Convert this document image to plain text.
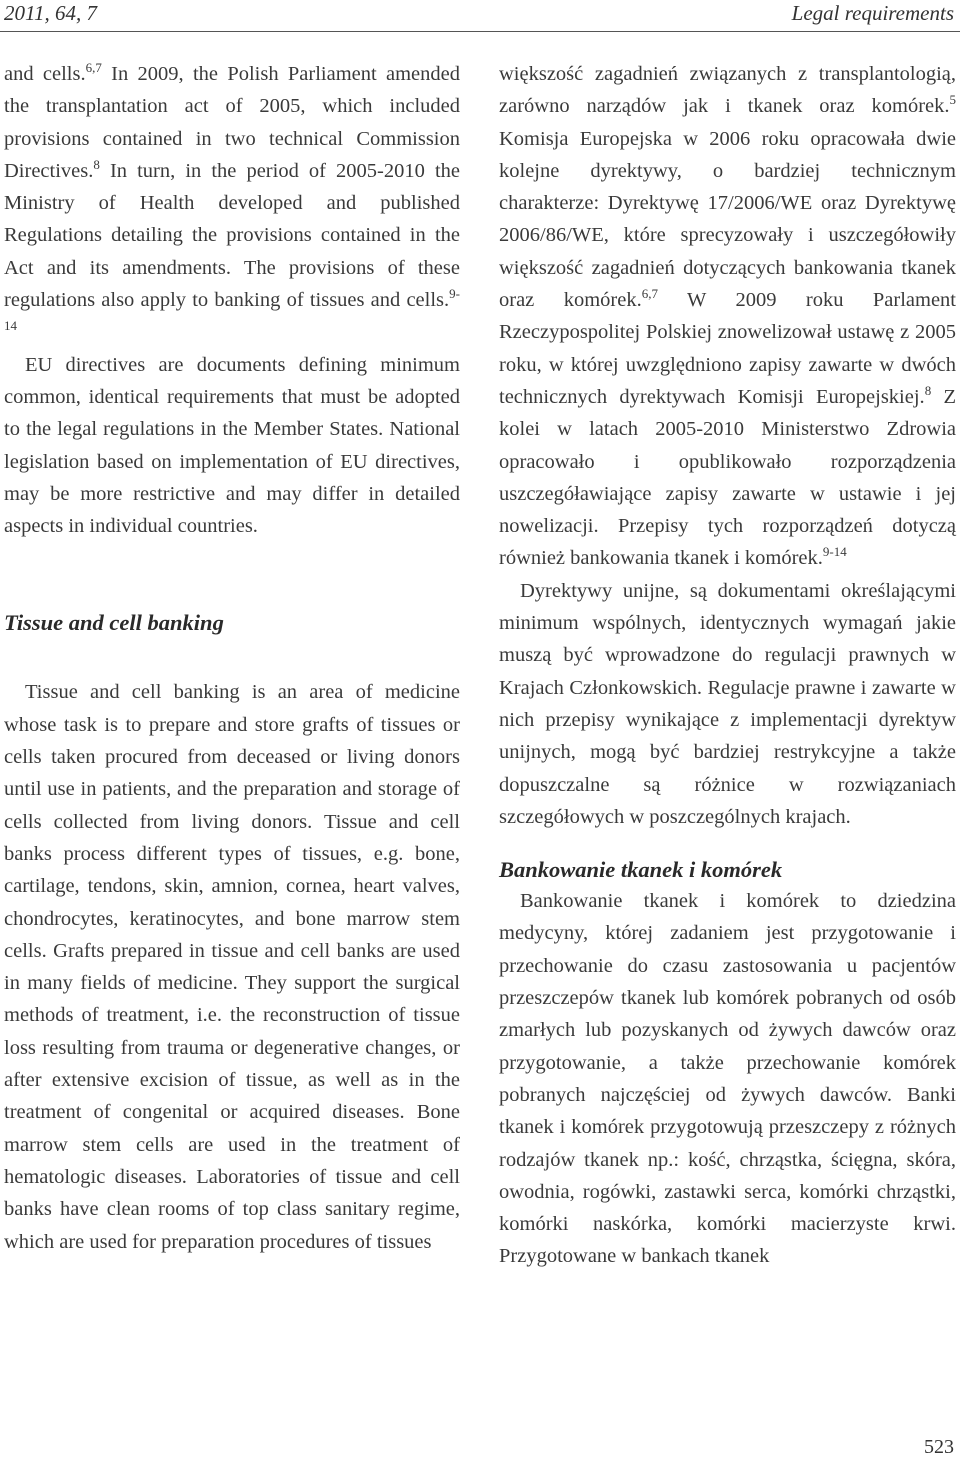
2011, 64, 7	Legal requirements

and cells.$^{6,7}$ In 2009, the Polish Parliament amended the transplantation act of 2005, which included provisions contained in two technical Commission Directives.$^8$ In turn, in the period of 2005-2010 the Ministry of Health developed and published Regulations detailing the provisions contained in the Act and its amendments. The provisions of these regulations also apply to banking of tissues and cells.$^{9-14}$

EU directives are documents defining minimum common, identical requirements that must be adopted to the legal regulations in the Member States. National legislation based on implementation of EU directives, may be more restrictive and may differ in detailed aspects in individual countries.

Tissue and cell banking

Tissue and cell banking is an area of medicine whose task is to prepare and store grafts of tissues or cells taken procured from deceased or living donors until use in patients, and the preparation and storage of cells collected from living donors. Tissue and cell banks process different types of tissues, e.g. bone, cartilage, tendons, skin, amnion, cornea, heart valves, chondrocytes, keratinocytes, and bone marrow stem cells. Grafts prepared in tissue and cell banks are used in many fields of medicine. They support the surgical methods of treatment, i.e. the reconstruction of tissue loss resulting from trauma or degenerative changes, or after extensive excision of tissue, as well as in the treatment of congenital or acquired diseases. Bone marrow stem cells are used in the treatment of hematologic diseases. Laboratories of tissue and cell banks have clean rooms of top class sanitary regime, which are used for preparation procedures of tissues

większość zagadnień związanych z transplantologią, zarówno narządów jak i tkanek oraz komórek.$^5$ Komisja Europejska w 2006 roku opracowała dwie kolejne dyrektywy, o bardziej technicznym charakterze: Dyrektywę 17/2006/WE oraz Dyrektywę 2006/86/WE, które sprecyzowały i uszczegółowiły większość zagadnień dotyczących bankowania tkanek oraz komórek.$^{6,7}$ W 2009 roku Parlament Rzeczypospolitej Polskiej znowelizował ustawę z 2005 roku, w której uwzględniono zapisy zawarte w dwóch technicznych dyrektywach Komisji Europejskiej.$^8$ Z kolei w latach 2005-2010 Ministerstwo Zdrowia opracowało i opublikowało rozporządzenia uszczegóławiające zapisy zawarte w ustawie i jej nowelizacji. Przepisy tych rozporządzeń dotyczą również bankowania tkanek i komórek.$^{9-14}$

Dyrektywy unijne, są dokumentami określającymi minimum wspólnych, identycznych wymagań jakie muszą być wprowadzone do regulacji prawnych w Krajach Członkowskich. Regulacje prawne i zawarte w nich przepisy wynikające z implementacji dyrektyw unijnych, mogą być bardziej restrykcyjne a także dopuszczalne są różnice w rozwiązaniach szczegółowych w poszczególnych krajach.

Bankowanie tkanek i komórek

Bankowanie tkanek i komórek to dziedzina medycyny, której zadaniem jest przygotowanie i przechowanie do czasu zastosowania u pacjentów przeszczepów tkanek lub komórek pobranych od osób zmarłych lub pozyskanych od żywych dawców oraz przygotowanie, a także przechowanie komórek pobranych najczęściej od żywych dawców. Banki tkanek i komórek przygotowują przeszczepy z różnych rodzajów tkanek np.: kość, chrząstka, ścięgna, skóra, owodnia, rogówki, zastawki serca, komórki chrząstki, komórki naskórka, komórki macierzyste krwi. Przygotowane w bankach tkanek

523
